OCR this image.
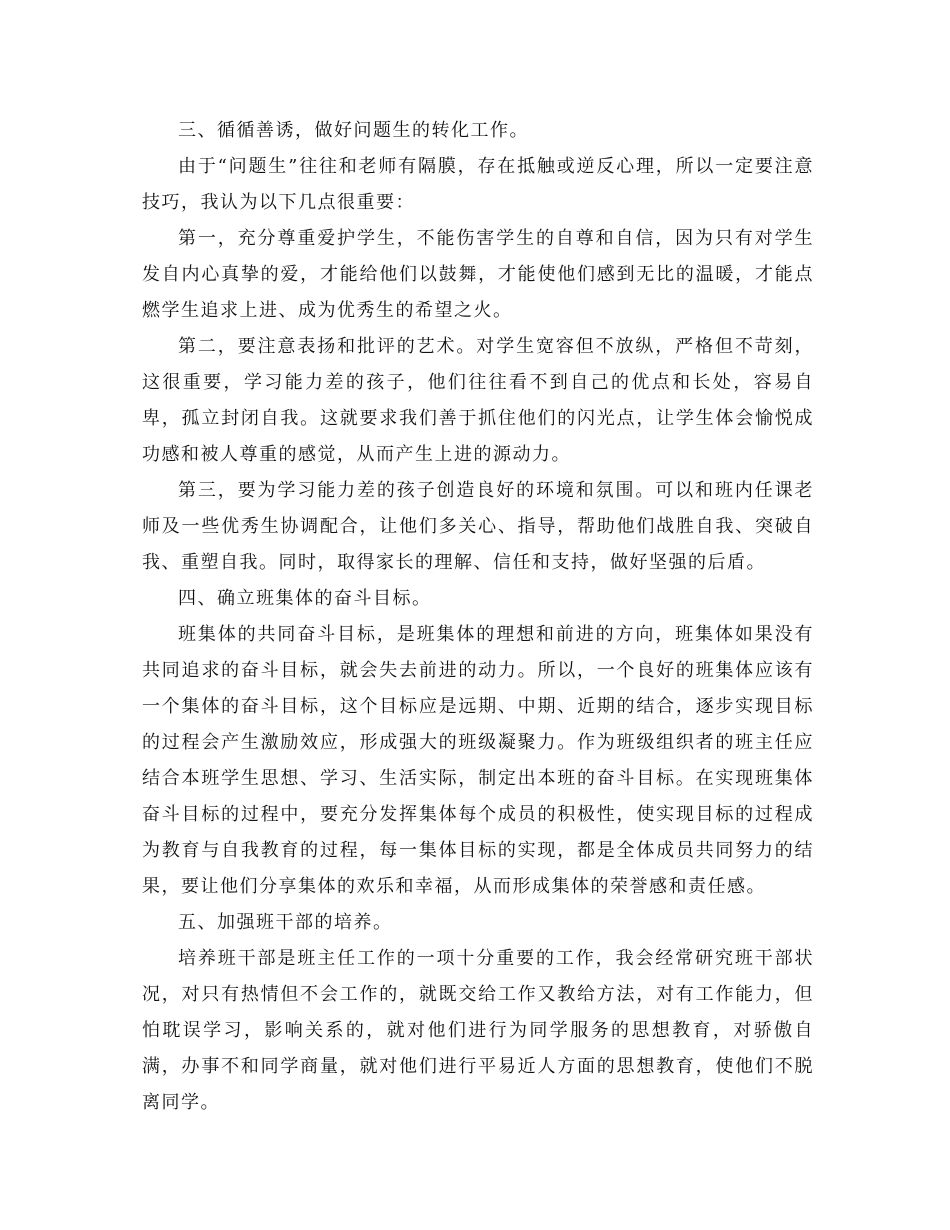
三、循循善诱，做好问题生的转化工作。

由于“问题生”往往和老师有隔膜，存在抵触或逆反心理，所以一定要注意技巧，我认为以下几点很重要：

第一，充分尊重爱护学生，不能伤害学生的自尊和自信，因为只有对学生发自内心真挚的爱，才能给他们以鼓舞，才能使他们感到无比的温暖，才能点燃学生追求上进、成为优秀生的希望之火。

第二，要注意表扬和批评的艺术。对学生宽容但不放纵，严格但不苛刻，这很重要，学习能力差的孩子，他们往往看不到自己的优点和长处，容易自卑，孤立封闭自我。这就要求我们善于抓住他们的闪光点，让学生体会愉悦成功感和被人尊重的感觉，从而产生上进的源动力。

第三，要为学习能力差的孩子创造良好的环境和氛围。可以和班内任课老师及一些优秀生协调配合，让他们多关心、指导，帮助他们战胜自我、突破自我、重塑自我。同时，取得家长的理解、信任和支持，做好坚强的后盾。

四、确立班集体的奋斗目标。

班集体的共同奋斗目标，是班集体的理想和前进的方向，班集体如果没有共同追求的奋斗目标，就会失去前进的动力。所以，一个良好的班集体应该有一个集体的奋斗目标，这个目标应是远期、中期、近期的结合，逐步实现目标的过程会产生激励效应，形成强大的班级凝聚力。作为班级组织者的班主任应结合本班学生思想、学习、生活实际，制定出本班的奋斗目标。在实现班集体奋斗目标的过程中，要充分发挥集体每个成员的积极性，使实现目标的过程成为教育与自我教育的过程，每一集体目标的实现，都是全体成员共同努力的结果，要让他们分享集体的欢乐和幸福，从而形成集体的荣誉感和责任感。

五、加强班干部的培养。

培养班干部是班主任工作的一项十分重要的工作，我会经常研究班干部状况，对只有热情但不会工作的，就既交给工作又教给方法，对有工作能力，但怕耽误学习，影响关系的，就对他们进行为同学服务的思想教育，对骄傲自满，办事不和同学商量，就对他们进行平易近人方面的思想教育，使他们不脱离同学。
